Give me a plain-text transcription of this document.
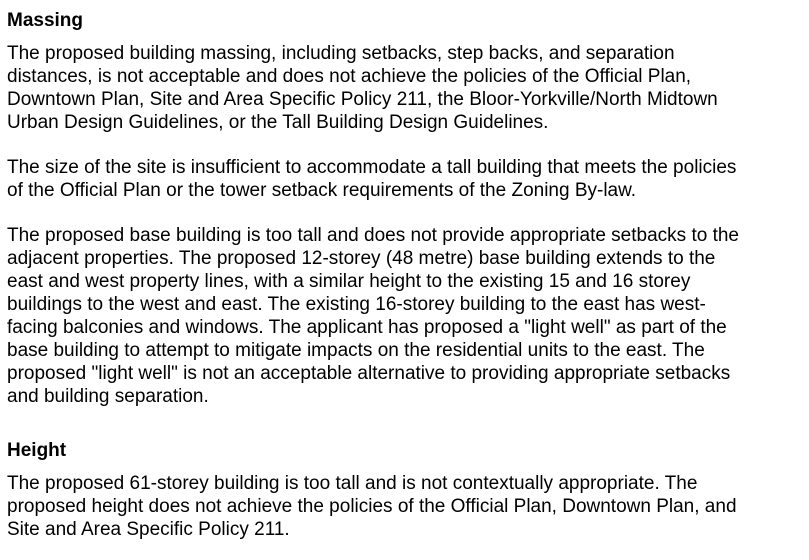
Massing

The proposed building massing, including setbacks, step backs, and separation
distances, is not acceptable and does not achieve the policies of the Official Plan,
Downtown Plan, Site and Area Specific Policy 211, the Bloor-Yorkville/North Midtown
Urban Design Guidelines, or the Tall Building Design Guidelines.

The size of the site is insufficient to accommodate a tall building that meets the policies
of the Official Plan or the tower setback requirements of the Zoning By-law.

The proposed base building is too tall and does not provide appropriate setbacks to the
adjacent properties. The proposed 12-storey (48 metre) base building extends to the
east and west property lines, with a similar height to the existing 15 and 16 storey
buildings to the west and east. The existing 16-storey building to the east has west-
facing balconies and windows. The applicant has proposed a "light well" as part of the
base building to attempt to mitigate impacts on the residential units to the east. The
proposed "light well" is not an acceptable alternative to providing appropriate setbacks
and building separation.

Height

The proposed 61-storey building is too tall and is not contextually appropriate. The
proposed height does not achieve the policies of the Official Plan, Downtown Plan, and
Site and Area Specific Policy 211.
